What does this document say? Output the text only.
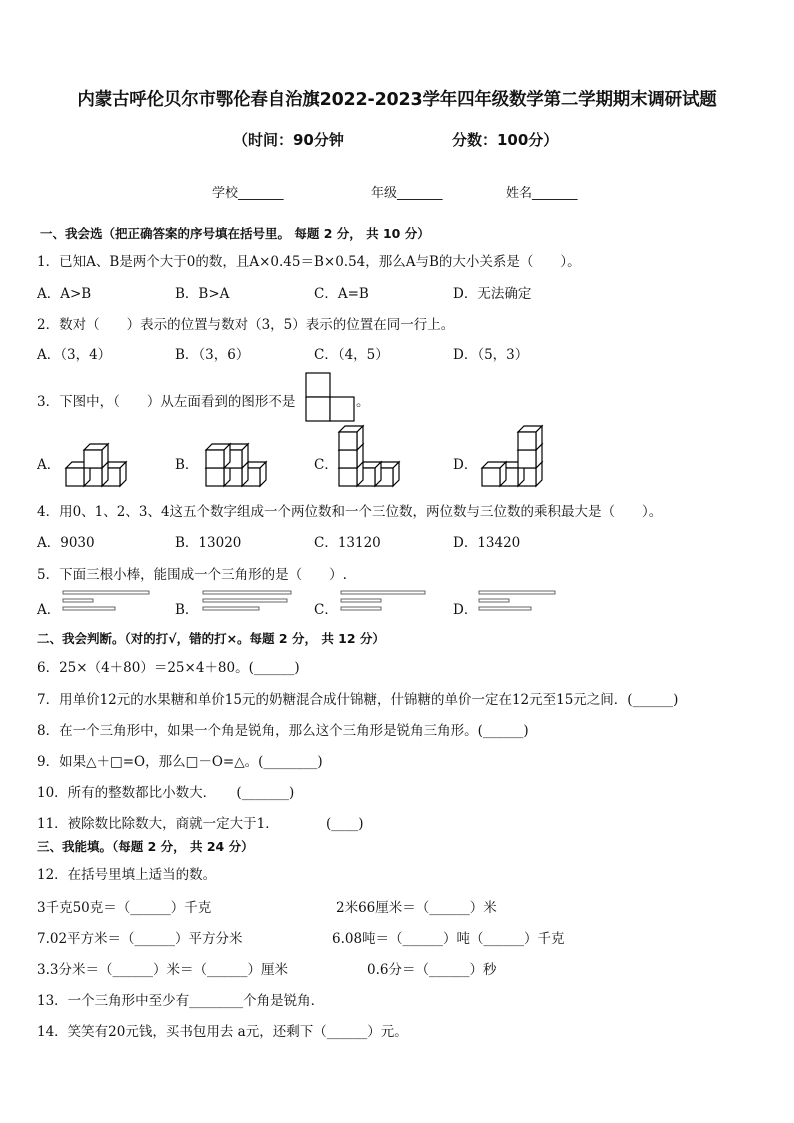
内蒙古呼伦贝尔市鄂伦春自治旗2022-2023学年四年级数学第二学期期末调研试题
（时间：90分钟	分数：100分）
学校_______	年级_______	姓名_______
一、我会选（把正确答案的序号填在括号里。 每题 2 分， 共 10 分）
1．已知A、B是两个大于0的数，且A×0.45＝B×0.54，那么A与B的大小关系是（　　）。
A．A>B	B．B>A	C．A=B	D．无法确定
2．数对（　　）表示的位置与数对（3，5）表示的位置在同一行上。
A．（3，4）	B．（3，6）	C．（4，5）	D．（5，3）
3．下图中，（　　）从左面看到的图形不是	。
A．	B．	C．	D．
4．用0、1、2、3、4这五个数字组成一个两位数和一个三位数，两位数与三位数的乘积最大是（　　）。
A．9030	B．13020	C．13120	D．13420
5．下面三根小棒，能围成一个三角形的是（　　）.
A．	B．	C．	D．
二、我会判断。（对的打√，错的打×。每题 2 分， 共 12 分）
6．25×（4＋80）＝25×4＋80。(______)
7．用单价12元的水果糖和单价15元的奶糖混合成什锦糖，什锦糖的单价一定在12元至15元之间．(______)
8．在一个三角形中，如果一个角是锐角，那么这个三角形是锐角三角形。(______)
9．如果△＋□=O，那么□－O=△。(________)
10．所有的整数都比小数大．　　(_______)
11．被除数比除数大，商就一定大于1．　　　　(____)
三、我能填。（每题 2 分， 共 24 分）
12．在括号里填上适当的数。
3千克50克＝（______）千克	2米66厘米＝（______）米
7.02平方米＝（______）平方分米	6.08吨＝（______）吨（______）千克
3.3分米＝（______）米＝（______）厘米	0.6分＝（______）秒
13．一个三角形中至少有________个角是锐角．
14．笑笑有20元钱，买书包用去 a元，还剩下（______）元。
